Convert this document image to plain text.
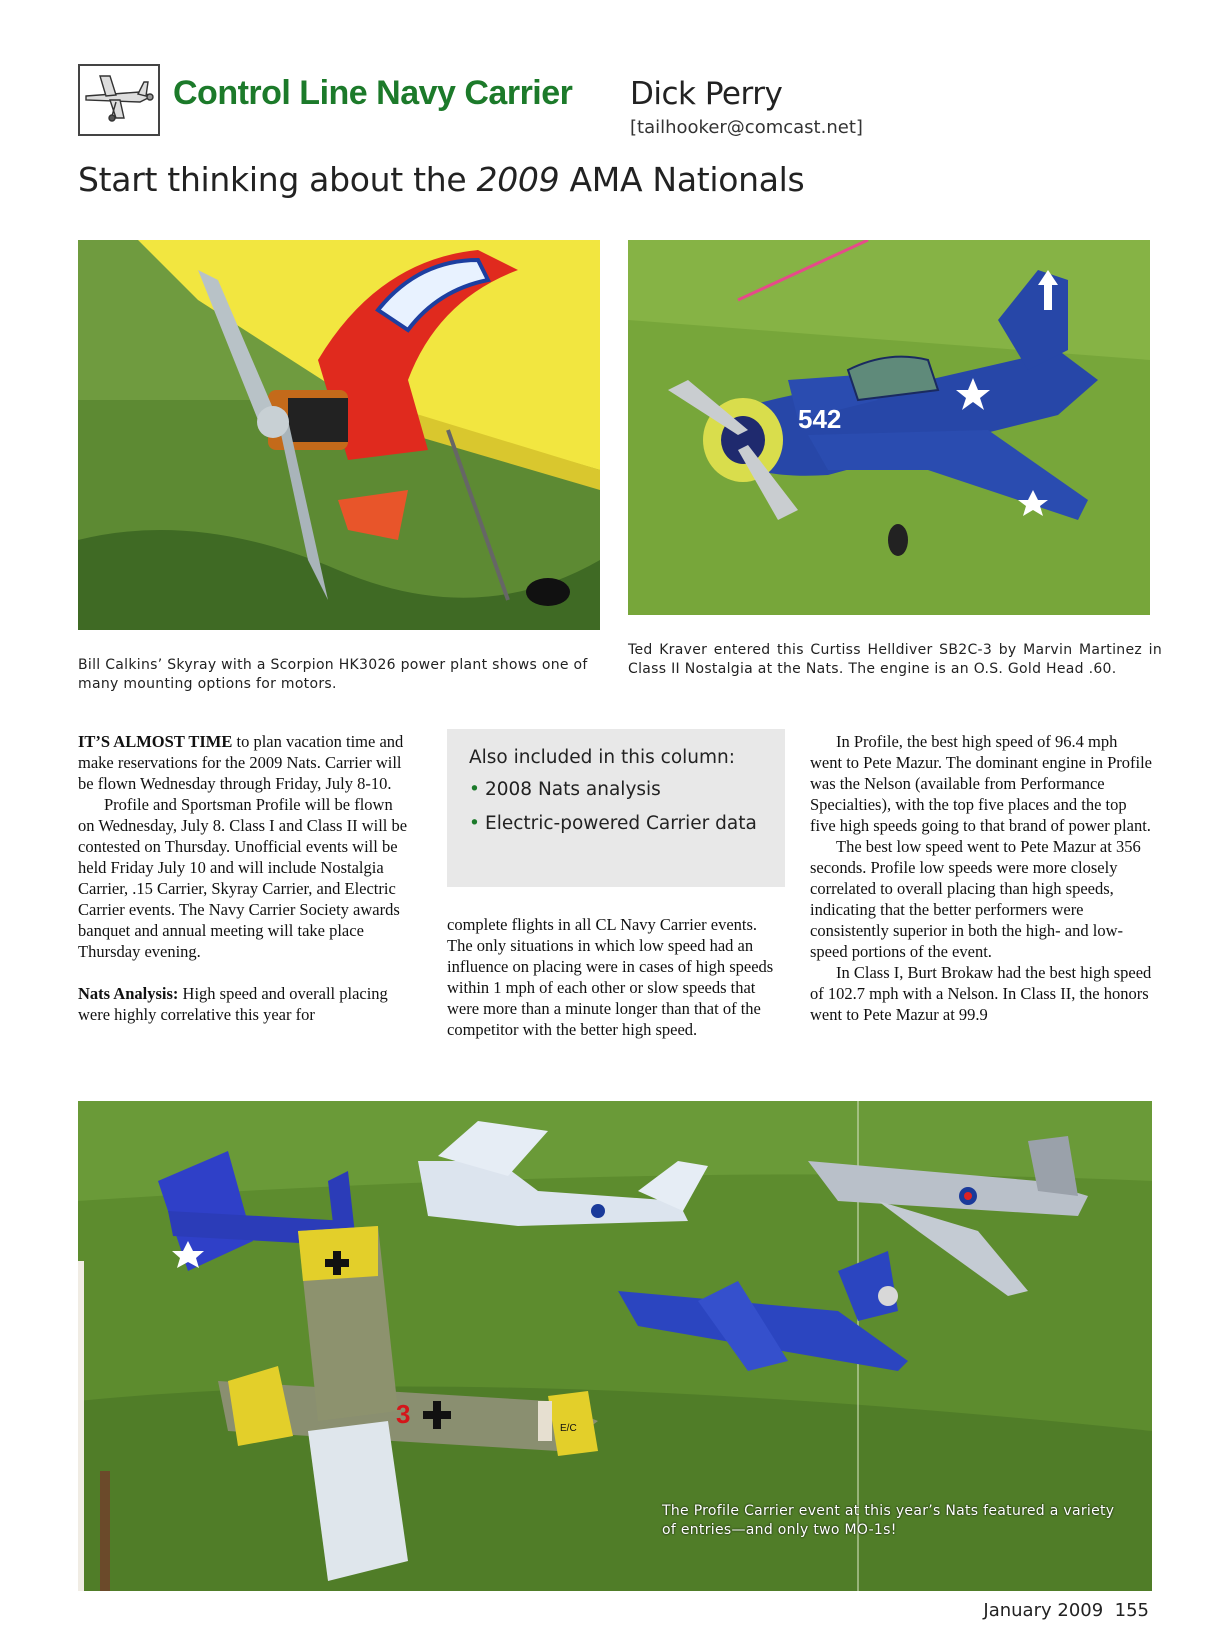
Control Line Navy Carrier Dick Perry
[tailhooker@comcast.net]
Start thinking about the 2009 AMA Nationals
Bill Calkins’ Skyray with a Scorpion HK3026 power plant shows one of many mounting options for motors.
542
Ted Kraver entered this Curtiss Helldiver SB2C-3 by Marvin Martinez in Class II Nostalgia at the Nats. The engine is an O.S. Gold Head .60.

IT’S ALMOST TIME to plan vacation time and make reservations for the 2009 Nats. Carrier will be flown Wednesday through Friday, July 8-10.

Profile and Sportsman Profile will be flown on Wednesday, July 8. Class I and Class II will be contested on Thursday. Unofficial events will be held Friday July 10 and will include Nostalgia Carrier, .15 Carrier, Skyray Carrier, and Electric Carrier events. The Navy Carrier Society awards banquet and annual meeting will take place Thursday evening.

Nats Analysis: High speed and overall placing were highly correlative this year for

Also included in this column:
• 2008 Nats analysis
• Electric-powered Carrier data

complete flights in all CL Navy Carrier events. The only situations in which low speed had an influence on placing were in cases of high speeds within 1 mph of each other or slow speeds that were more than a minute longer than that of the competitor with the better high speed.

In Profile, the best high speed of 96.4 mph went to Pete Mazur. The dominant engine in Profile was the Nelson (available from Performance Specialties), with the top five places and the top five high speeds going to that brand of power plant.

The best low speed went to Pete Mazur at 356 seconds. Profile low speeds were more closely correlated to overall placing than high speeds, indicating that the better performers were consistently superior in both the high- and low-speed portions of the event.

In Class I, Burt Brokaw had the best high speed of 102.7 mph with a Nelson. In Class II, the honors went to Pete Mazur at 99.9

3	E/C
The Profile Carrier event at this year’s Nats featured a variety of entries—and only two MO-1s!
January 2009 155
